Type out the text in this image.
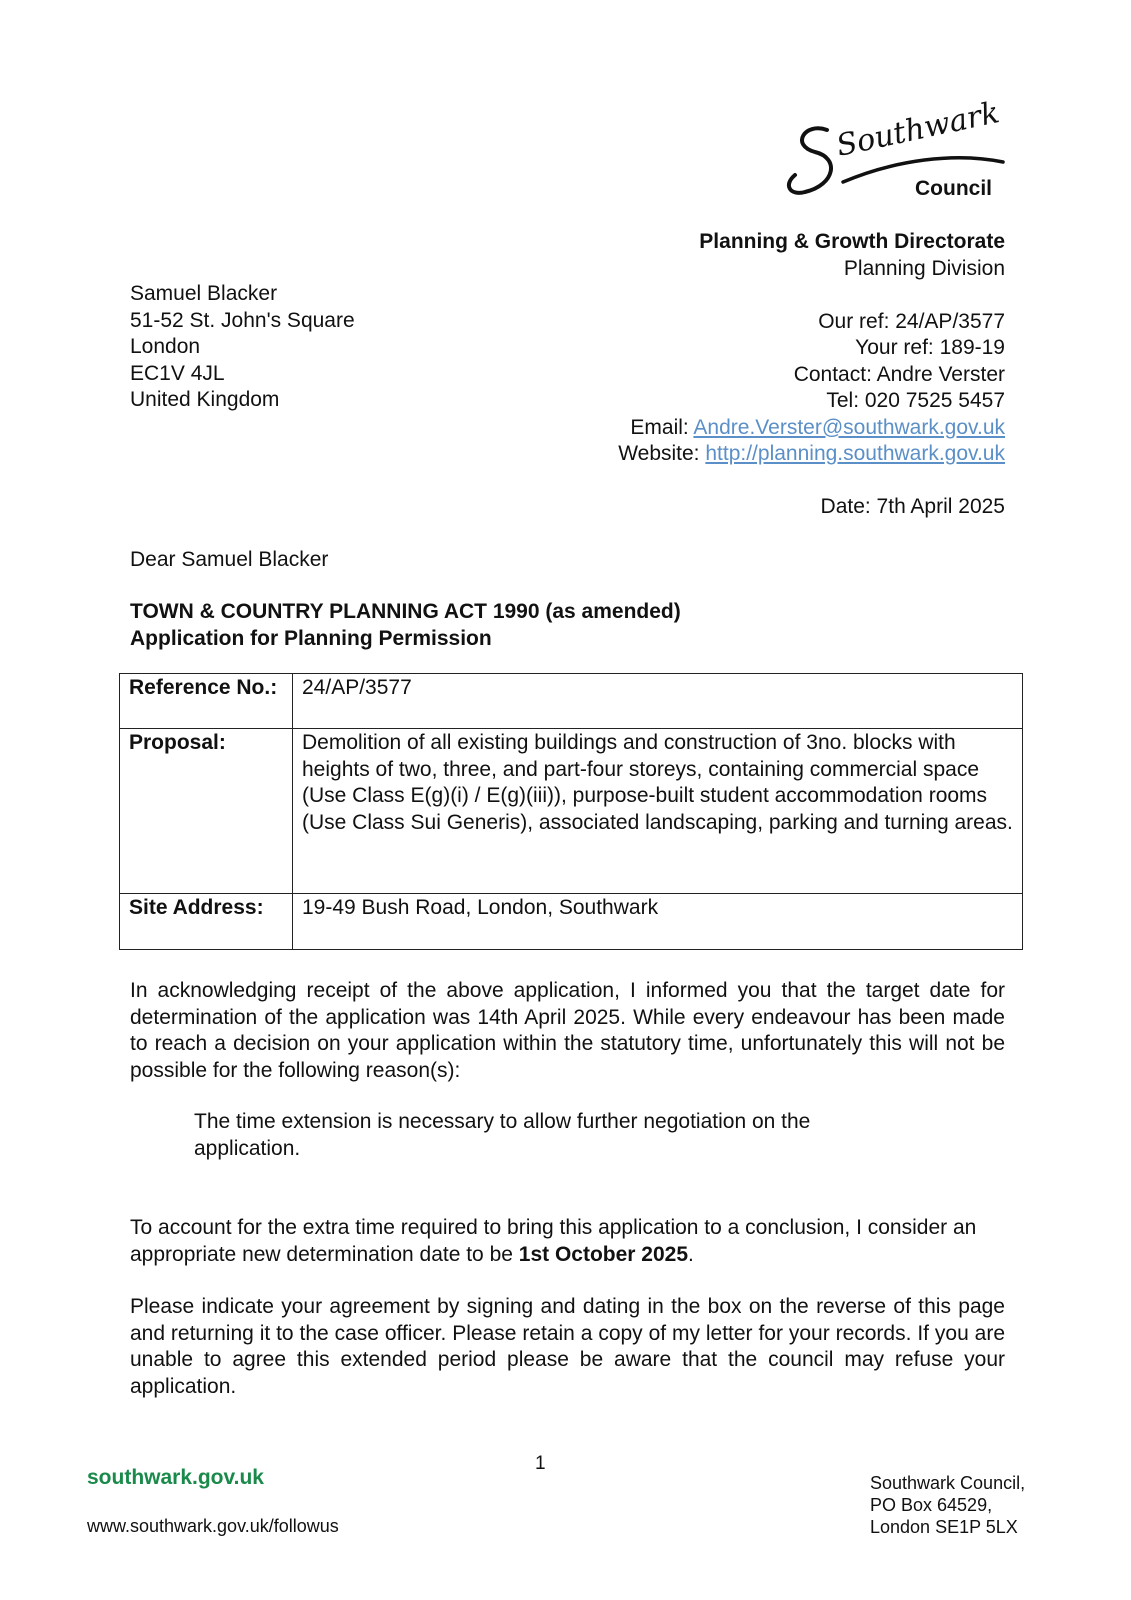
Southwark
Council
Planning & Growth Directorate
Planning Division
Our ref: 24/AP/3577
Your ref: 189-19
Contact: Andre Verster
Tel: 020 7525 5457
Email: Andre.Verster@southwark.gov.uk
Website: http://planning.southwark.gov.uk
Date: 7th April 2025
Samuel Blacker
51-52 St. John's Square
London
EC1V 4JL
United Kingdom
Dear Samuel Blacker
TOWN & COUNTRY PLANNING ACT 1990 (as amended)
Application for Planning Permission
Reference No.:	24/AP/3577
Proposal:	Demolition of all existing buildings and construction of 3no. blocks with heights of two, three, and part-four storeys, containing commercial space (Use Class E(g)(i) / E(g)(iii)), purpose-built student accommodation rooms (Use Class Sui Generis), associated landscaping, parking and turning areas.
Site Address:	19-49 Bush Road, London, Southwark
In acknowledging receipt of the above application, I informed you that the target date for determination of the application was 14th April 2025. While every endeavour has been made to reach a decision on your application within the statutory time, unfortunately this will not be possible for the following reason(s):
The time extension is necessary to allow further negotiation on the application.
To account for the extra time required to bring this application to a conclusion, I consider an appropriate new determination date to be 1st October 2025.
Please indicate your agreement by signing and dating in the box on the reverse of this page and returning it to the case officer. Please retain a copy of my letter for your records. If you are unable to agree this extended period please be aware that the council may refuse your application.
1
southwark.gov.uk
www.southwark.gov.uk/followus
Southwark Council,
PO Box 64529,
London SE1P 5LX
